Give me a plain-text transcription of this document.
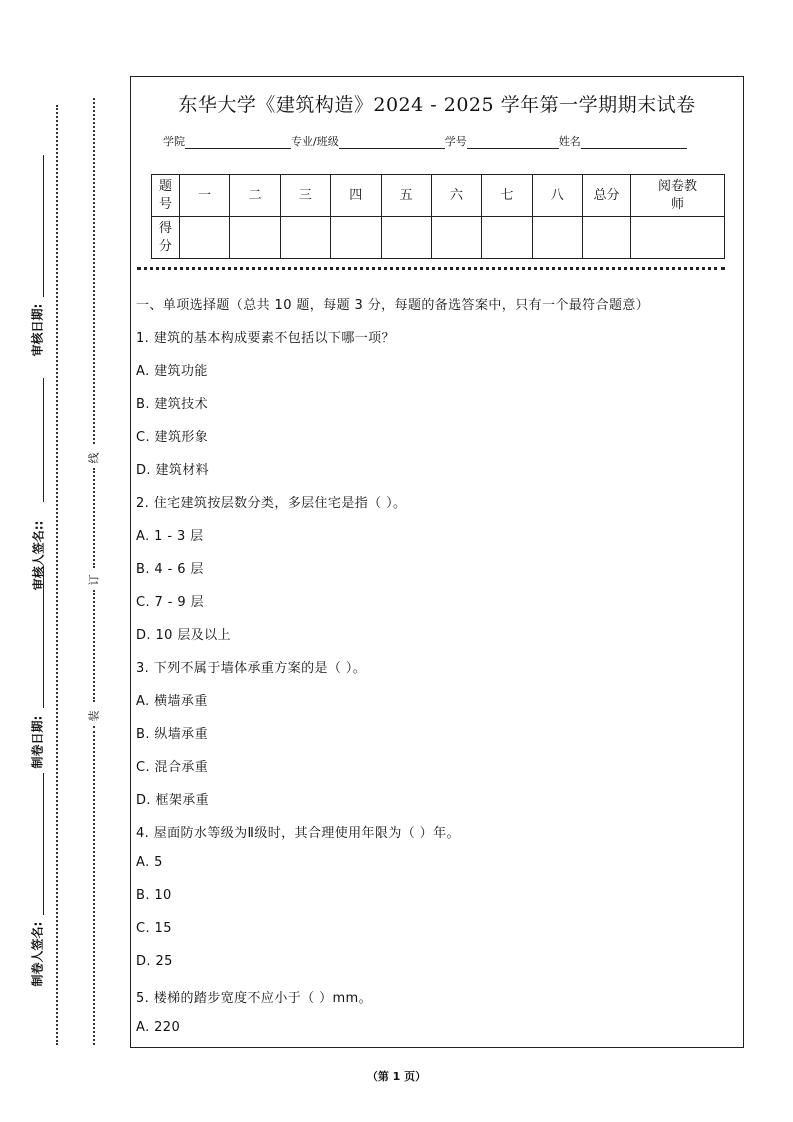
审核日期:
审核人签名::
制卷日期:
制卷人签名:
线
订
装
东华大学《建筑构造》2024 - 2025 学年第一学期期末试卷
学院	专业/班级	学号	姓名
题号	一	二	三	四	五	六	七	八	总分	阅卷教师
得分										
一、单项选择题（总共 10 题，每题 3 分，每题的备选答案中，只有一个最符合题意）
1. 建筑的基本构成要素不包括以下哪一项？
A. 建筑功能
B. 建筑技术
C. 建筑形象
D. 建筑材料
2. 住宅建筑按层数分类，多层住宅是指（ ）。
A. 1 - 3 层
B. 4 - 6 层
C. 7 - 9 层
D. 10 层及以上
3. 下列不属于墙体承重方案的是（ ）。
A. 横墙承重
B. 纵墙承重
C. 混合承重
D. 框架承重
4. 屋面防水等级为Ⅱ级时，其合理使用年限为（ ）年。
A. 5
B. 10
C. 15
D. 25
5. 楼梯的踏步宽度不应小于（ ）mm。
A. 220
（第 1 页）
